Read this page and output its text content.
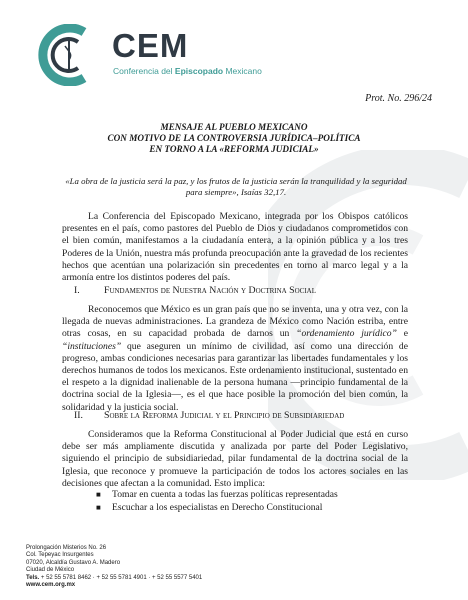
CEM
Conferencia del Episcopado Mexicano
Prot. No. 296/24
MENSAJE AL PUEBLO MEXICANO
CON MOTIVO DE LA CONTROVERSIA JURÍDICA–POLÍTICA
EN TORNO A LA «REFORMA JUDICIAL»
«La obra de la justicia será la paz, y los frutos de la justicia serán la tranquilidad y la seguridad para siempre», Isaías 32,17.
La Conferencia del Episcopado Mexicano, integrada por los Obispos católicos presentes en el país, como pastores del Pueblo de Dios y ciudadanos comprometidos con el bien común, manifestamos a la ciudadanía entera, a la opinión pública y a los tres Poderes de la Unión, nuestra más profunda preocupación ante la gravedad de los recientes hechos que acentúan una polarización sin precedentes en torno al marco legal y a la armonía entre los distintos poderes del país.
I. Fundamentos de Nuestra Nación y Doctrina Social
Reconocemos que México es un gran país que no se inventa, una y otra vez, con la llegada de nuevas administraciones. La grandeza de México como Nación estriba, entre otras cosas, en su capacidad probada de darnos un “ordenamiento jurídico” e “instituciones” que aseguren un mínimo de civilidad, así como una dirección de progreso, ambas condiciones necesarias para garantizar las libertades fundamentales y los derechos humanos de todos los mexicanos. Este ordenamiento institucional, sustentado en el respeto a la dignidad inalienable de la persona humana —principio fundamental de la doctrina social de la Iglesia—, es el que hace posible la promoción del bien común, la solidaridad y la justicia social.
II. Sobre la Reforma Judicial y el Principio de Subsidiariedad
Consideramos que la Reforma Constitucional al Poder Judicial que está en curso debe ser más ampliamente discutida y analizada por parte del Poder Legislativo, siguiendo el principio de subsidiariedad, pilar fundamental de la doctrina social de la Iglesia, que reconoce y promueve la participación de todos los actores sociales en las decisiones que afectan a la comunidad. Esto implica:
■	Tomar en cuenta a todas las fuerzas políticas representadas
■	Escuchar a los especialistas en Derecho Constitucional
Prolongación Misterios No. 26
Col. Tepeyac Insurgentes
07020, Alcaldía Gustavo A. Madero
Ciudad de México
Tels. + 52 55 5781 8462 · + 52 55 5781 4901 · + 52 55 5577 5401
www.cem.org.mx
